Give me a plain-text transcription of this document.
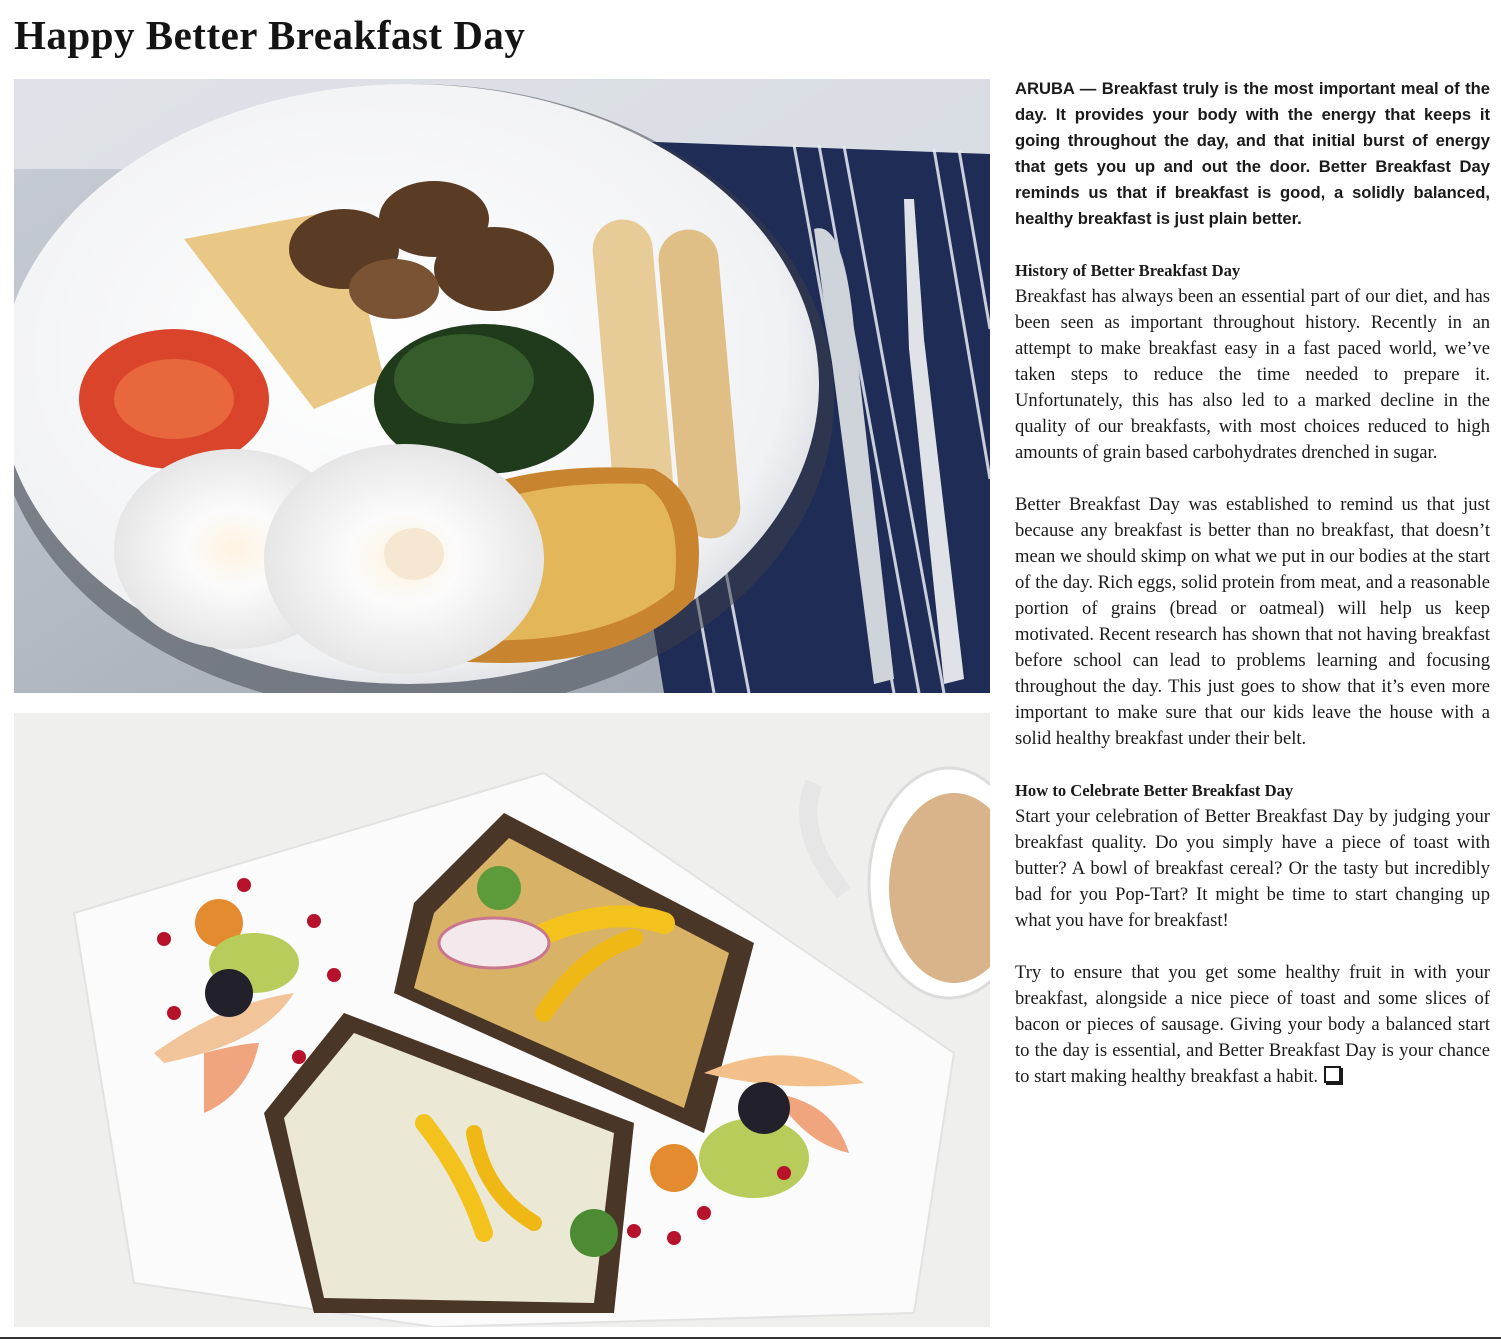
Happy Better Breakfast Day

ARUBA — Breakfast truly is the most important meal of the day. It provides your body with the energy that keeps it going throughout the day, and that initial burst of energy that gets you up and out the door. Better Breakfast Day reminds us that if breakfast is good, a solidly balanced, healthy breakfast is just plain better.

History of Better Breakfast Day

Breakfast has always been an essential part of our diet, and has been seen as important throughout history. Recently in an attempt to make breakfast easy in a fast paced world, we’ve taken steps to reduce the time needed to prepare it. Unfortunately, this has also led to a marked decline in the quality of our breakfasts, with most choices reduced to high amounts of grain based carbohydrates drenched in sugar.

Better Breakfast Day was established to remind us that just because any breakfast is better than no breakfast, that doesn’t mean we should skimp on what we put in our bodies at the start of the day. Rich eggs, solid protein from meat, and a reasonable portion of grains (bread or oatmeal) will help us keep motivated. Recent research has shown that not having breakfast before school can lead to problems learning and focusing throughout the day. This just goes to show that it’s even more important to make sure that our kids leave the house with a solid healthy breakfast under their belt.

How to Celebrate Better Breakfast Day

Start your celebration of Better Breakfast Day by judging your breakfast quality. Do you simply have a piece of toast with butter? A bowl of breakfast cereal? Or the tasty but incredibly bad for you Pop-Tart? It might be time to start changing up what you have for breakfast!

Try to ensure that you get some healthy fruit in with your breakfast, alongside a nice piece of toast and some slices of bacon or pieces of sausage. Giving your body a balanced start to the day is essential, and Better Breakfast Day is your chance to start making healthy breakfast a habit.
